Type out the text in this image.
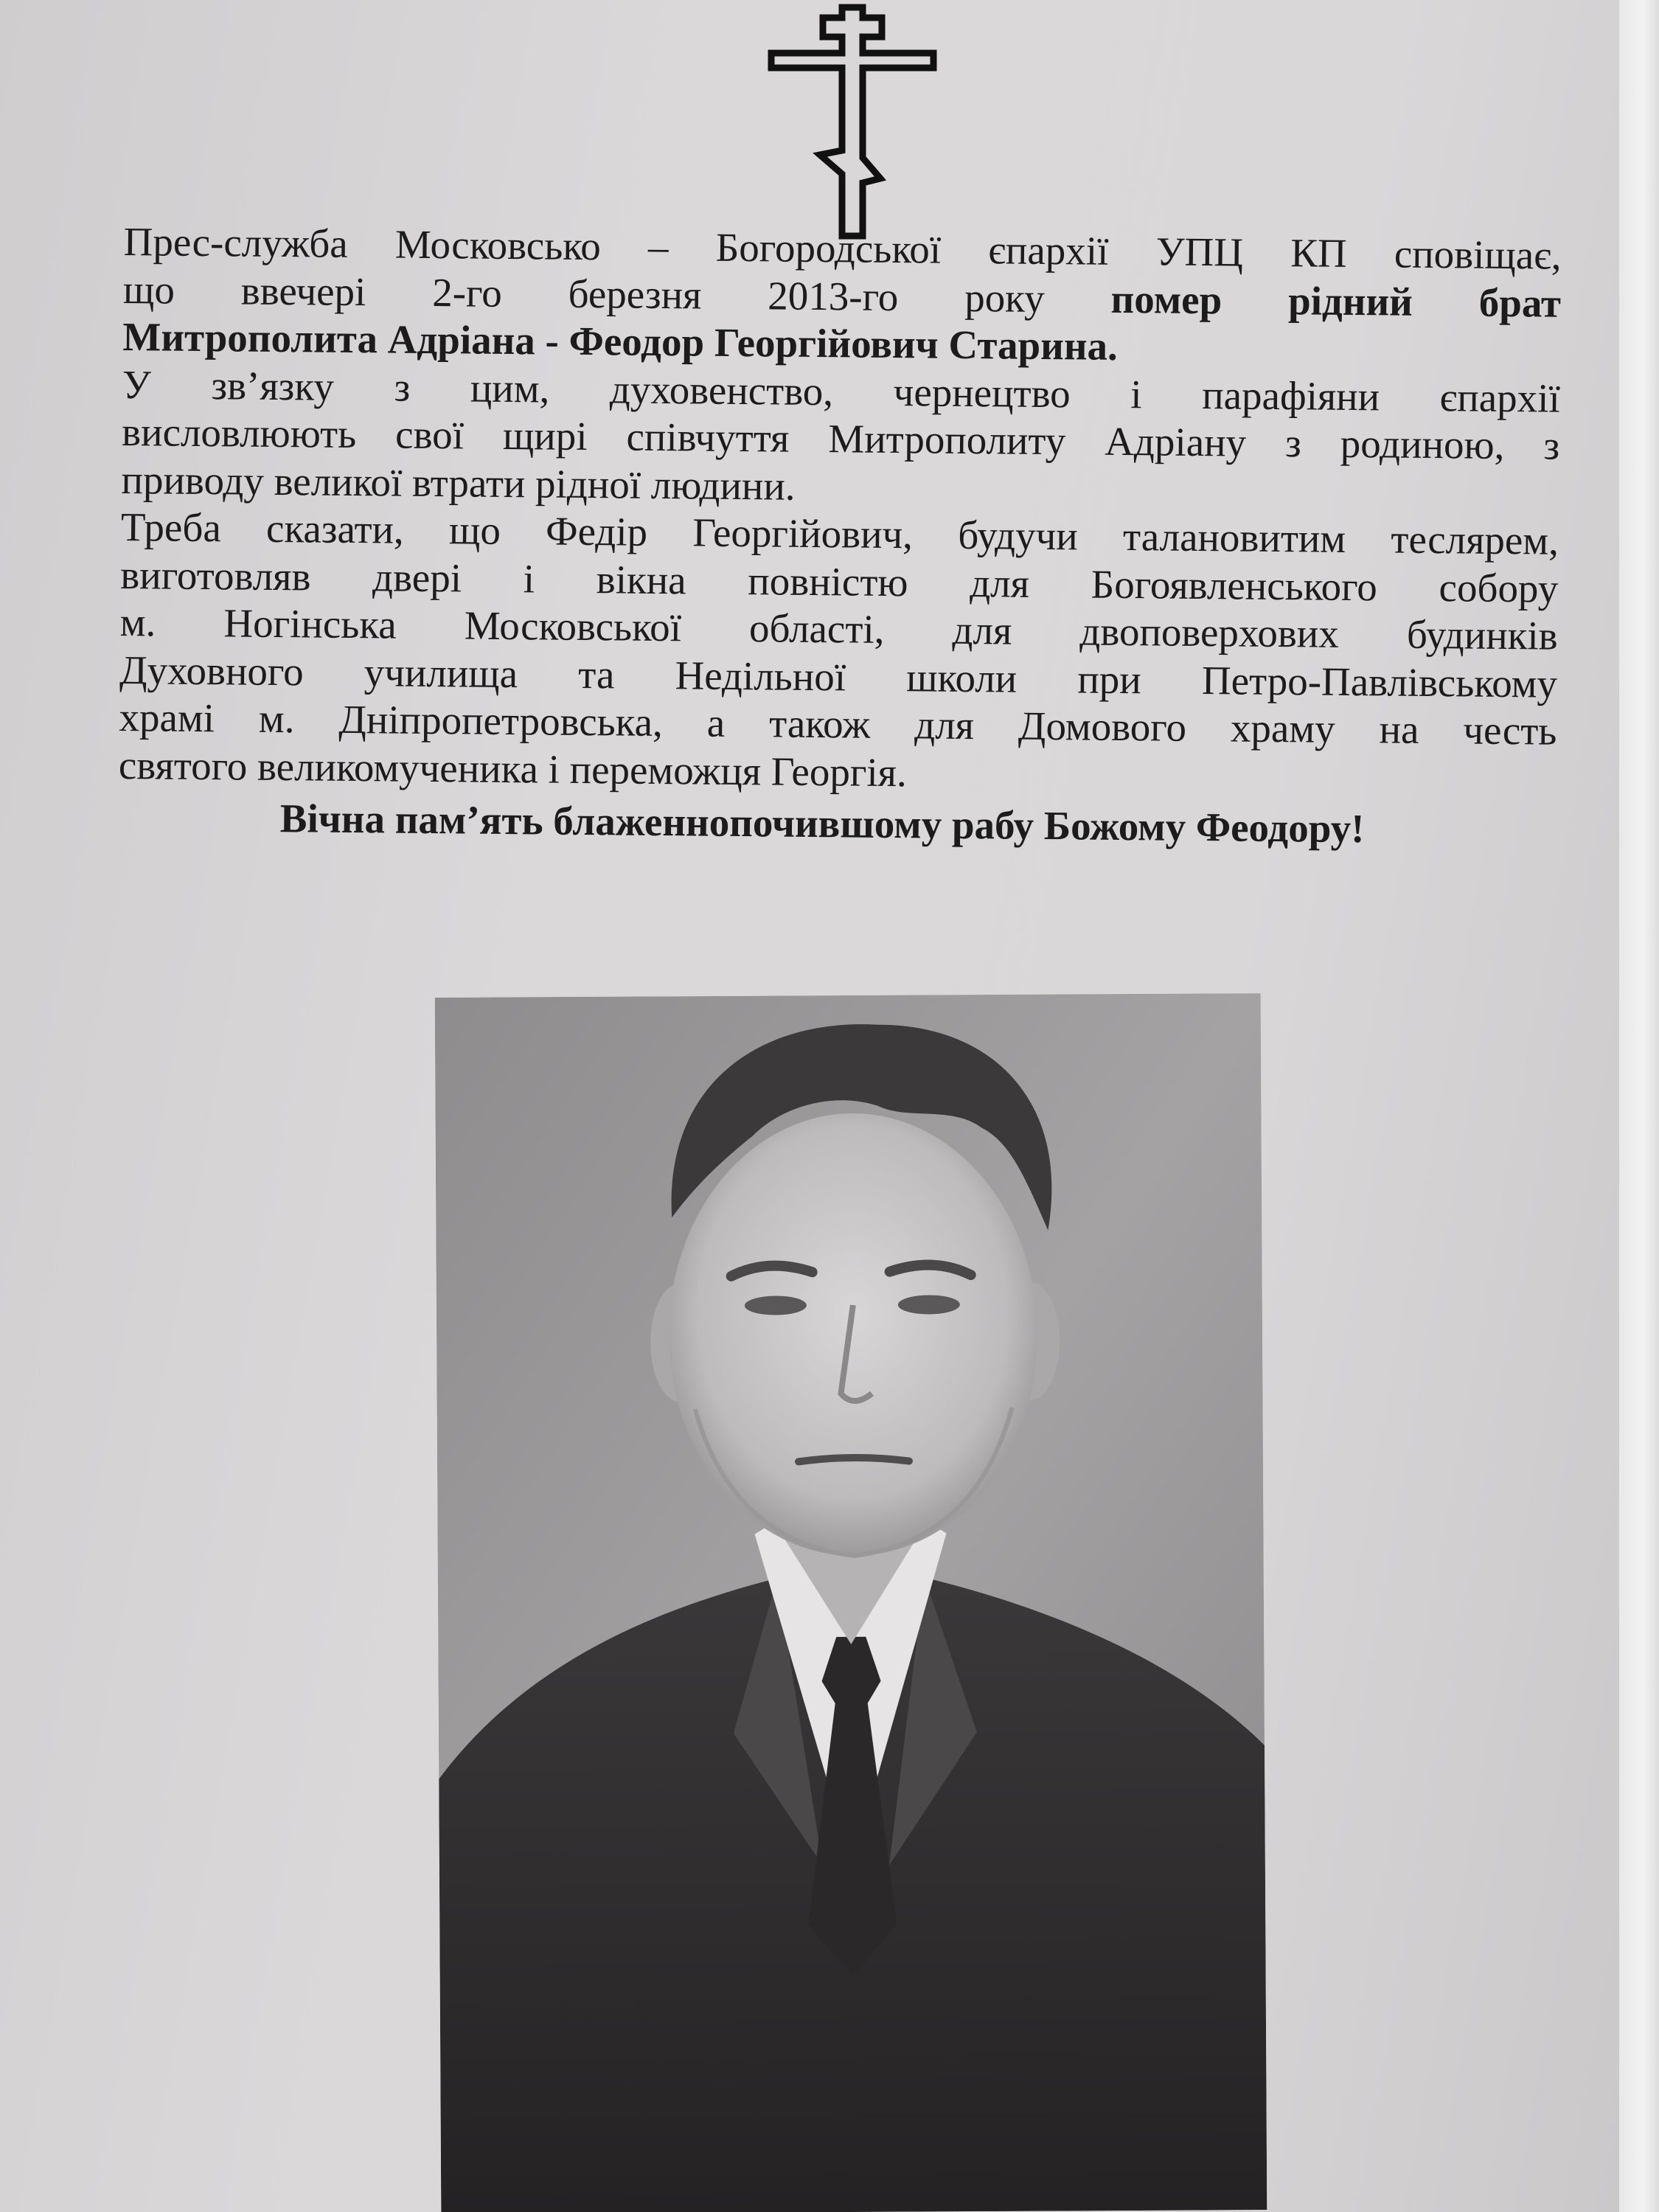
Прес-служба Московсько – Богородської єпархії УПЦ КП сповіщає,

що ввечері 2-го березня 2013-го року помер рідний брат

Митрополита Адріана - Феодор Георгійович Старина.

У зв’язку з цим, духовенство, чернецтво і парафіяни єпархії

висловлюють свої щирі співчуття Митрополиту Адріану з родиною, з

приводу великої втрати рідної людини.

Треба сказати, що Федір Георгійович, будучи талановитим теслярем,

виготовляв двері і вікна повністю для Богоявленського собору

м. Ногінська Московської області, для двоповерхових будинків

Духовного училища та Недільної школи при Петро-Павлівському

храмі м. Дніпропетровська, а також для Домового храму на честь

святого великомученика і переможця Георгія.

Вічна пам’ять блаженнопочившому рабу Божому Феодору!
